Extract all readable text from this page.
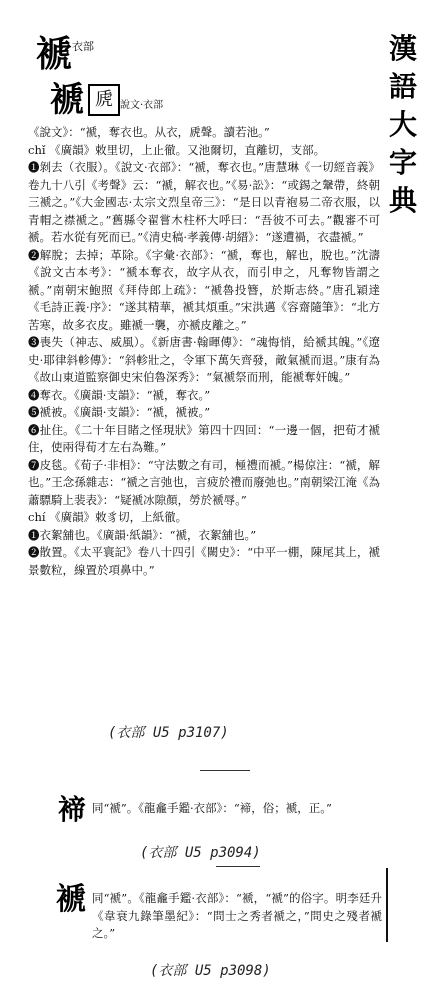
漢
語
大
字
典
褫 衣部
褫 虒 說文·衣部

《說文》：“褫，奪衣也。从衣，虒聲。讀若池。”

chǐ 《廣韻》敕里切，上止徹。又池爾切，直離切，支部。

❶剝去（衣服）。《說文·衣部》：“褫，奪衣也。”唐慧琳《一切經音義》卷九十八引《考聲》云：“褫，解衣也。”《易·訟》：“或錫之鞶帶，終朝三褫之。”《大金國志·太宗文烈皇帝三》：“是日以青袍易二帝衣服，以青帽之襟褫之。”舊縣令翟嘗木柱杯大呼曰：“吾彼不可去。”觀審不可褫。若水從有死而已。”《清史稿·孝義傳·胡縉》：“遂遭禍，衣盡褫。”

❷解脫；去掉；革除。《字彙·衣部》：“褫，奪也，解也，脫也。”沈濤《說文古本考》：“褫本奪衣，故字从衣，而引申之，凡奪物皆謂之褫。”南朝宋鮑照《拜侍郎上疏》：“褫魯投簪，於斯志終。”唐孔穎達《毛詩正義·序》：“遂其精華，褫其煩重。”宋洪邁《容齋隨筆》：“北方苦寒，故多衣皮。雖褫一襲，亦褫皮離之。”

❸喪失（神志、威風）。《新唐書·翰暉傳》：“魂悔悄，給褫其魄。”《遼史·耶律斜軫傳》：“斜軫壯之，令軍下萬矢齊發，敵氣褫而退。”康有為《故山東道監察御史宋伯魯深秀》：“氣褫祭而刑，能褫奪奸魄。”

❹奪衣。《廣韻·支韻》：“褫，奪衣。”

❺褫被。《廣韻·支韻》：“褫，褫被。”

❻扯住。《二十年目睹之怪現狀》第四十四回：“一邊一個，把荀才褫住，使兩得荀才左右為難。”

❼皮毯。《荀子·非相》：“守法數之有司，極禮而褫。”楊倞注：“褫，解也。”王念孫雜志：“褫之言弛也，言疲於禮而廢弛也。”南朝梁江淹《為蕭驃騎上裴表》：“疑褫冰隙顏，勞於褫辱。”

chí 《廣韻》敕豸切，上紙徹。

❶衣絮舖也。《廣韻·紙韻》：“褫，衣絮舖也。”

❷散置。《太平寰記》卷八十四引《闕史》：“中平一棚，陳尾其上，褫景數粒，線置於項鼻中。”

(衣部 U5 p3107)
褅 同“褫”。《龍龕手鑑·衣部》：“褅，俗；褫，正。”
(衣部 U5 p3094)
褫 同“褫”。《龍龕手鑑·衣部》：“褫，“褫”的俗字。明李廷升《韋衰九錄筆墨紀》：“問士之秀者褫之，”問史之殘者褫之。”
(衣部 U5 p3098)
